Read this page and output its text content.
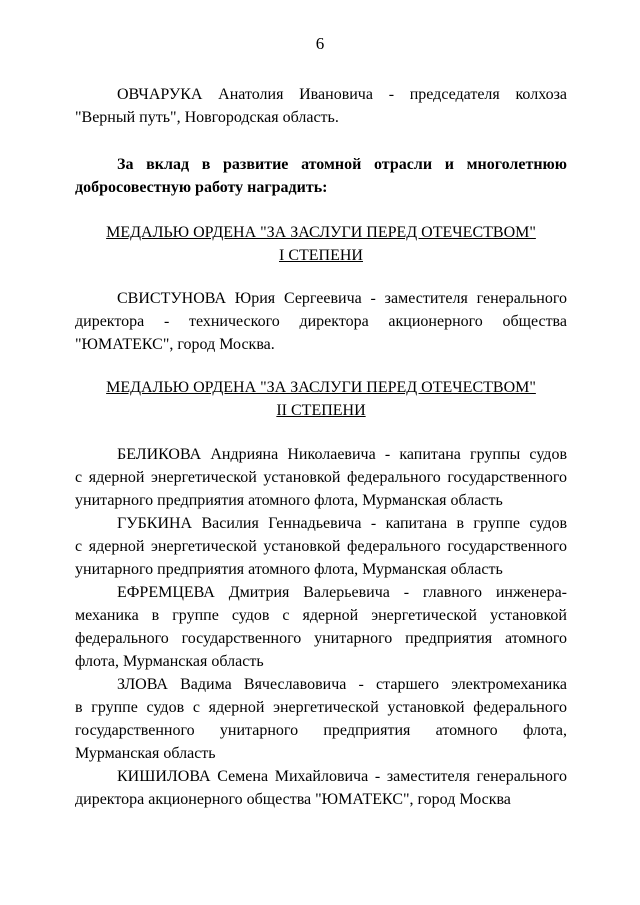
6
ОВЧАРУКА Анатолия Ивановича - председателя колхоза
"Верный путь", Новгородская область.
За вклад в развитие атомной отрасли и многолетнюю
добросовестную работу наградить:
МЕДАЛЬЮ ОРДЕНА "ЗА ЗАСЛУГИ ПЕРЕД ОТЕЧЕСТВОМ"
I СТЕПЕНИ
СВИСТУНОВА Юрия Сергеевича - заместителя генерального
директора - технического директора акционерного общества
"ЮМАТЕКС", город Москва.
МЕДАЛЬЮ ОРДЕНА "ЗА ЗАСЛУГИ ПЕРЕД ОТЕЧЕСТВОМ"
II СТЕПЕНИ
БЕЛИКОВА Андрияна Николаевича - капитана группы судов
с ядерной энергетической установкой федерального государственного
унитарного предприятия атомного флота, Мурманская область
ГУБКИНА Василия Геннадьевича - капитана в группе судов
с ядерной энергетической установкой федерального государственного
унитарного предприятия атомного флота, Мурманская область
ЕФРЕМЦЕВА Дмитрия Валерьевича - главного инженера-
механика в группе судов с ядерной энергетической установкой
федерального государственного унитарного предприятия атомного
флота, Мурманская область
ЗЛОВА Вадима Вячеславовича - старшего электромеханика
в группе судов с ядерной энергетической установкой федерального
государственного унитарного предприятия атомного флота,
Мурманская область
КИШИЛОВА Семена Михайловича - заместителя генерального
директора акционерного общества "ЮМАТЕКС", город Москва
